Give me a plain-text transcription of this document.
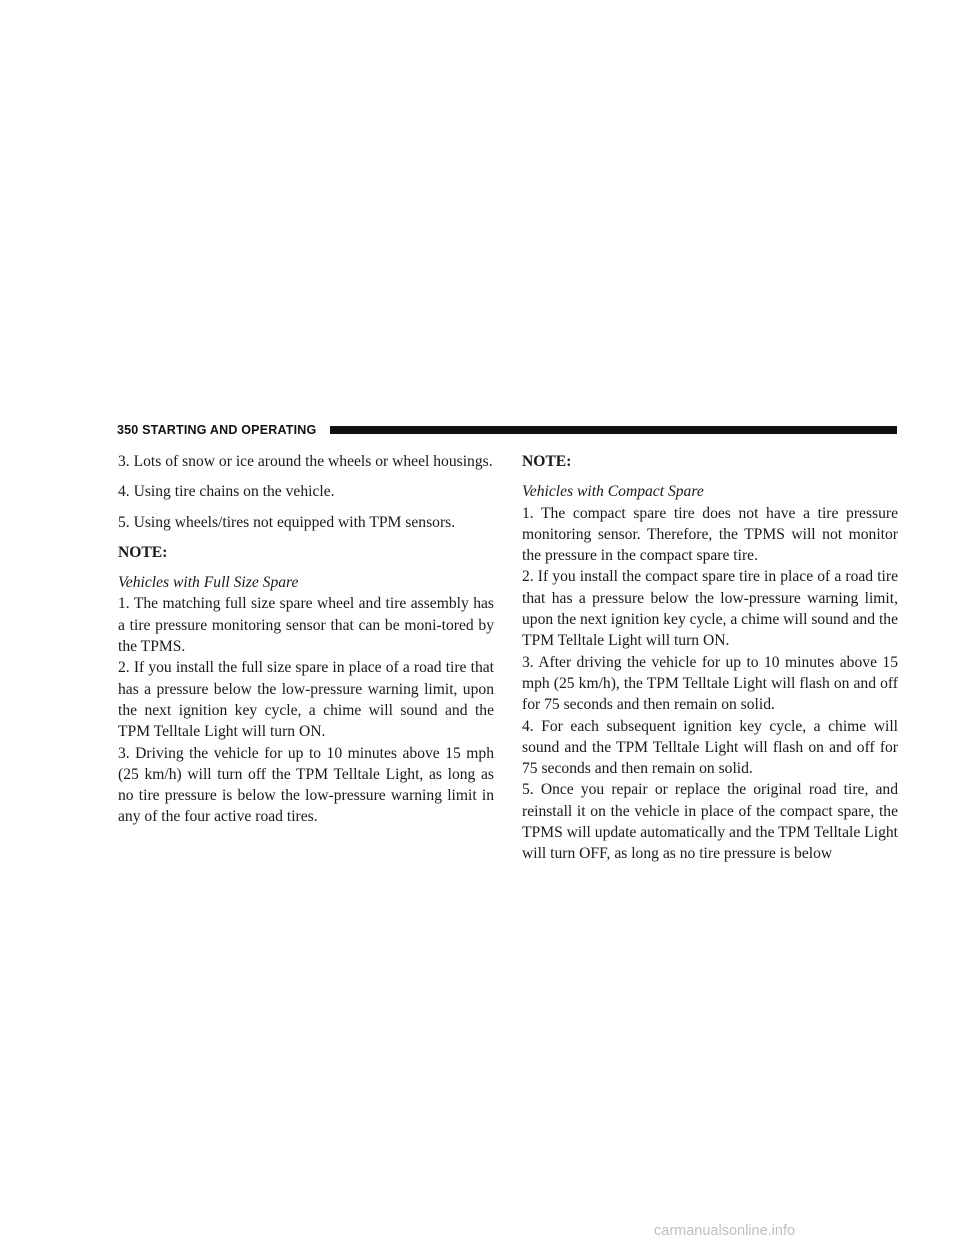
350 STARTING AND OPERATING

3. Lots of snow or ice around the wheels or wheel housings.

4. Using tire chains on the vehicle.

5. Using wheels/tires not equipped with TPM sensors.

NOTE:

Vehicles with Full Size Spare

1. The matching full size spare wheel and tire assembly has a tire pressure monitoring sensor that can be moni-tored by the TPMS.

2. If you install the full size spare in place of a road tire that has a pressure below the low-pressure warning limit, upon the next ignition key cycle, a chime will sound and the TPM Telltale Light will turn ON.

3. Driving the vehicle for up to 10 minutes above 15 mph (25 km/h) will turn off the TPM Telltale Light, as long as no tire pressure is below the low-pressure warning limit in any of the four active road tires.

NOTE:

Vehicles with Compact Spare

1. The compact spare tire does not have a tire pressure monitoring sensor. Therefore, the TPMS will not monitor the pressure in the compact spare tire.

2. If you install the compact spare tire in place of a road tire that has a pressure below the low-pressure warning limit, upon the next ignition key cycle, a chime will sound and the TPM Telltale Light will turn ON.

3. After driving the vehicle for up to 10 minutes above 15 mph (25 km/h), the TPM Telltale Light will flash on and off for 75 seconds and then remain on solid.

4. For each subsequent ignition key cycle, a chime will sound and the TPM Telltale Light will flash on and off for 75 seconds and then remain on solid.

5. Once you repair or replace the original road tire, and reinstall it on the vehicle in place of the compact spare, the TPMS will update automatically and the TPM Telltale Light will turn OFF, as long as no tire pressure is below

carmanualsonline.info
